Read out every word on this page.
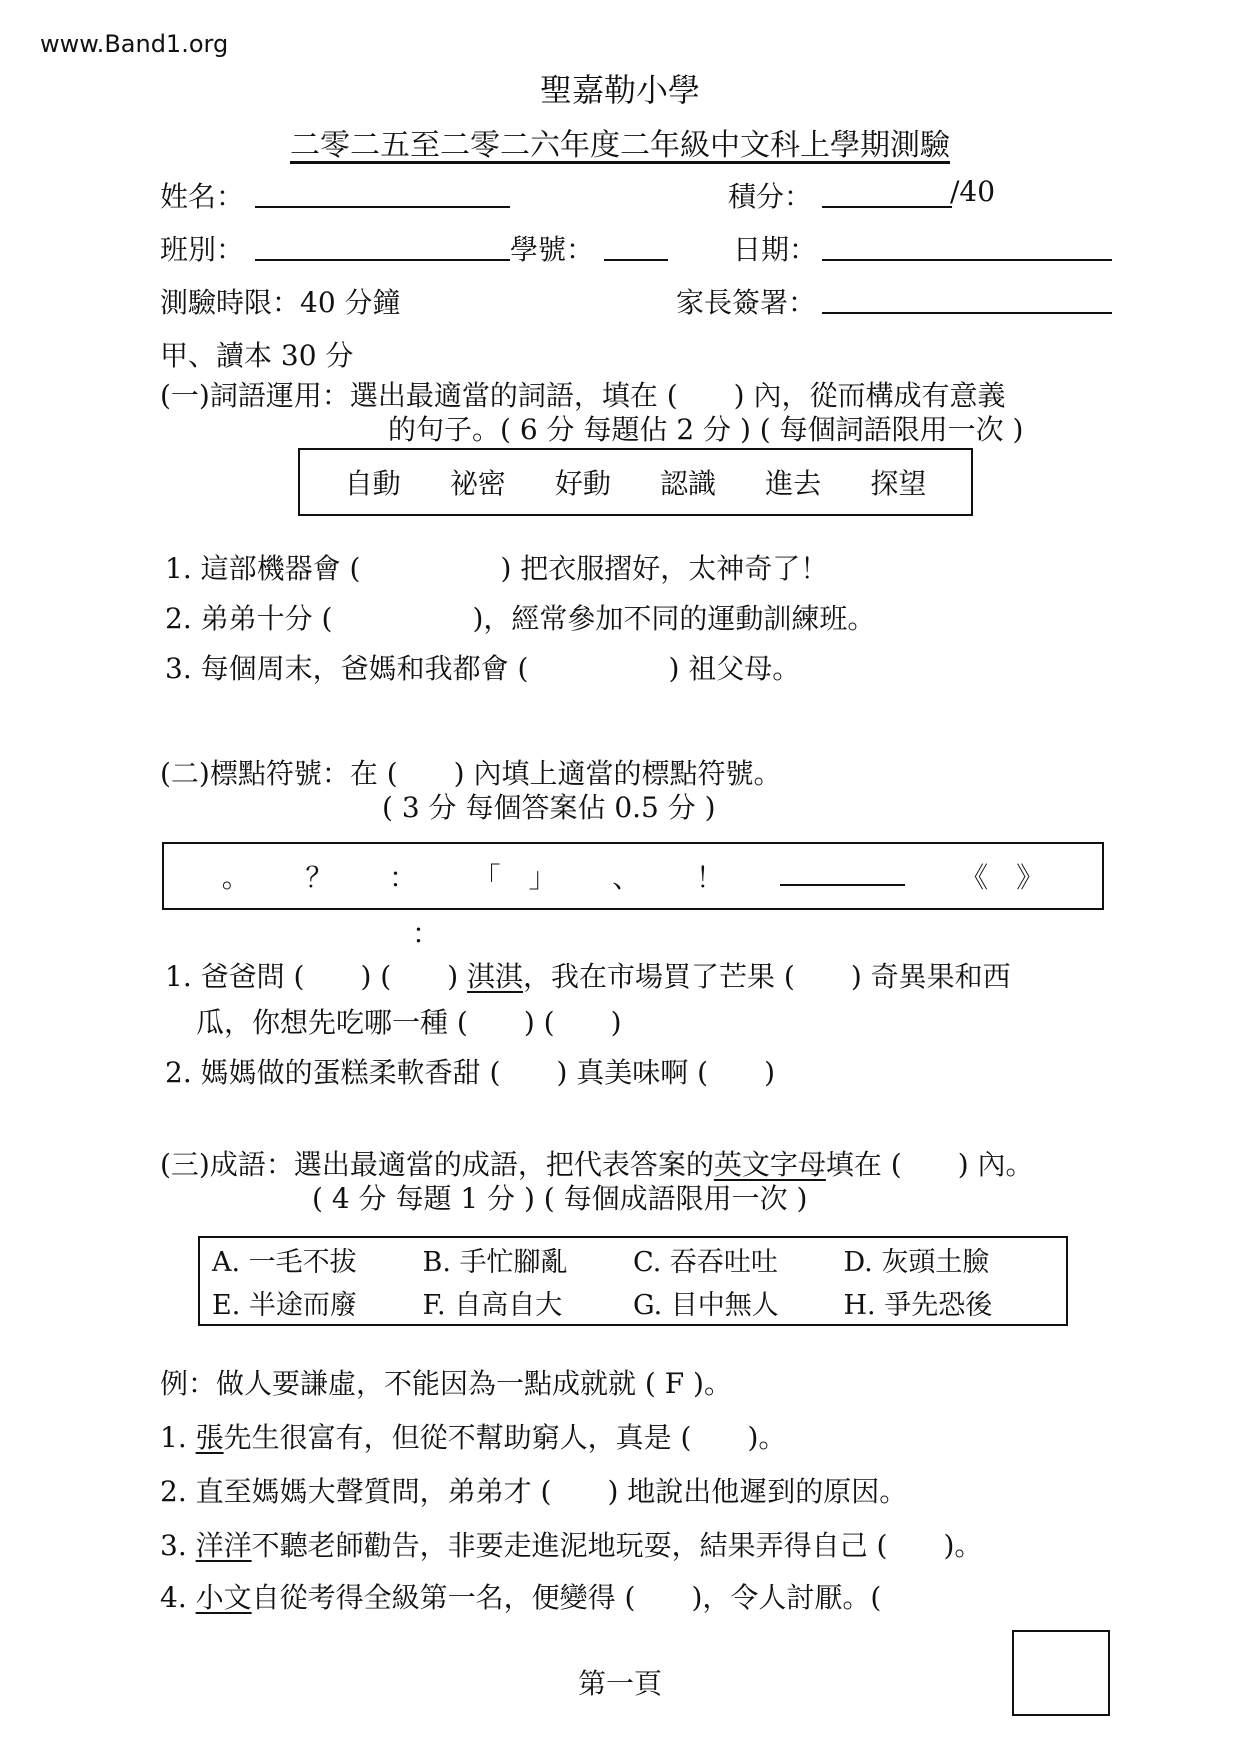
www.Band1.org
聖嘉勒小學
二零二五至二零二六年度二年級中文科上學期測驗
姓名：	積分：	/40
班別：	學號：	日期：
測驗時限：40 分鐘	家長簽署：
甲、讀本 30 分
(一)詞語運用：選出最適當的詞語，填在 (　　) 內，從而構成有意義
的句子。( 6 分 每題佔 2 分 ) ( 每個詞語限用一次 )
自動 祕密 好動 認識 進去 探望
1. 這部機器會 (　　　　　) 把衣服摺好，太神奇了！
2. 弟弟十分 (　　　　　)，經常參加不同的運動訓練班。
3. 每個周末，爸媽和我都會 (　　　　　) 祖父母。
(二)標點符號：在 (　　) 內填上適當的標點符號。
( 3 分 每個答案佔 0.5 分 )
。 ？ ： 「　」 、 ！	《　》
：
1. 爸爸問 (　　) (　　) 淇淇，我在市場買了芒果 (　　) 奇異果和西
瓜，你想先吃哪一種 (　　) (　　)
2. 媽媽做的蛋糕柔軟香甜 (　　) 真美味啊 (　　)
(三)成語：選出最適當的成語，把代表答案的英文字母填在 (　　) 內。
( 4 分 每題 1 分 ) ( 每個成語限用一次 )
A. 一毛不拔	B. 手忙腳亂	C. 吞吞吐吐	D. 灰頭土臉
E. 半途而廢	F. 自高自大	G. 目中無人	H. 爭先恐後
例：做人要謙虛，不能因為一點成就就 ( F )。
1. 張先生很富有，但從不幫助窮人，真是 (　　)。
2. 直至媽媽大聲質問，弟弟才 (　　) 地說出他遲到的原因。
3. 洋洋不聽老師勸告，非要走進泥地玩耍，結果弄得自己 (　　)。
4. 小文自從考得全級第一名，便變得 (　　)，令人討厭。(
第一頁
